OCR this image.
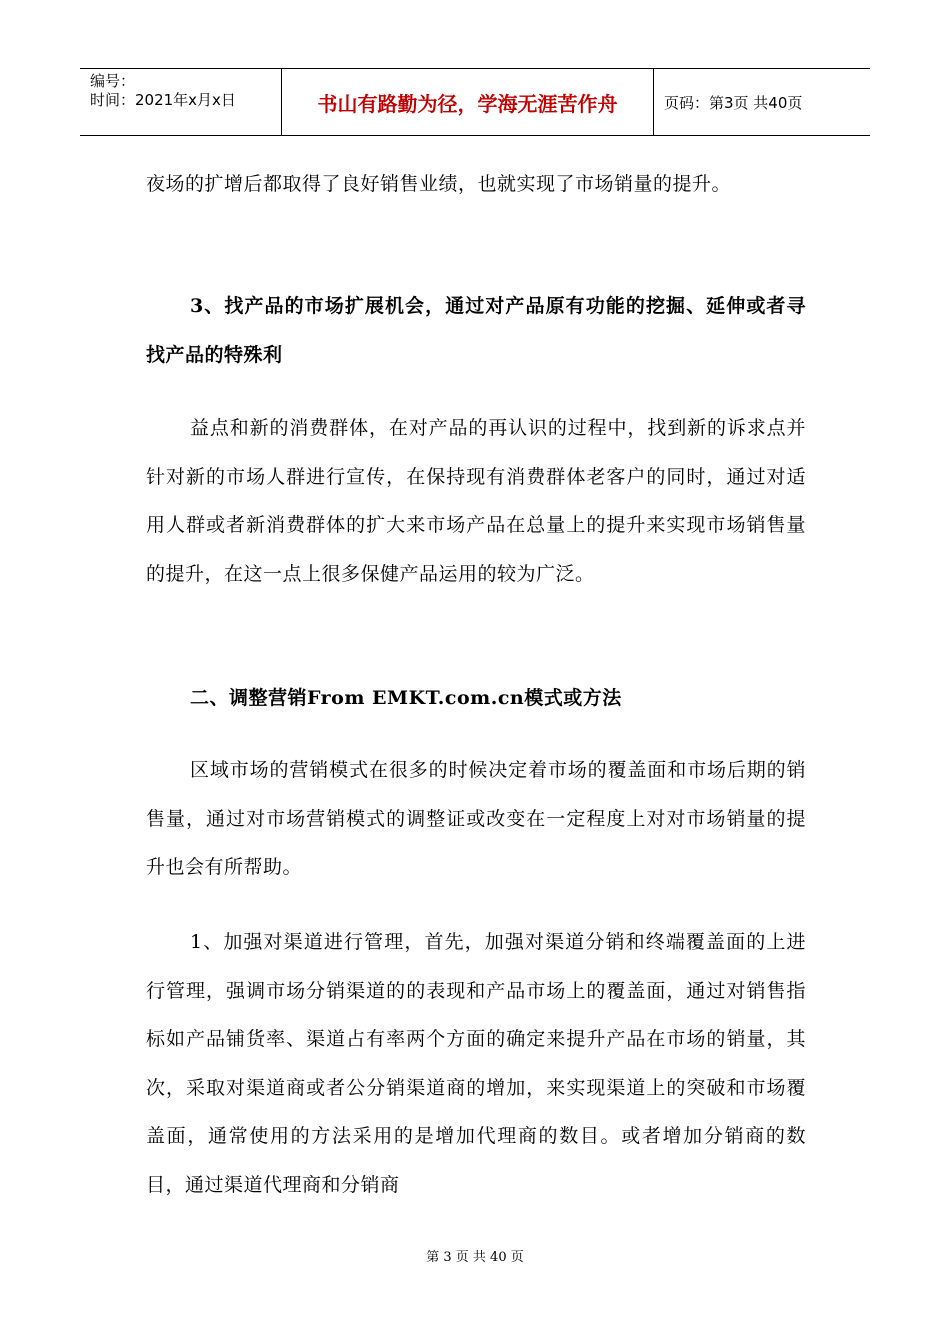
编号：
时间：2021年x月x日	书山有路勤为径，学海无涯苦作舟	页码：第3页 共40页

夜场的扩增后都取得了良好销售业绩，也就实现了市场销量的提升。

3、找产品的市场扩展机会，通过对产品原有功能的挖掘、延伸或者寻找产品的特殊利

益点和新的消费群体，在对产品的再认识的过程中，找到新的诉求点并针对新的市场人群进行宣传，在保持现有消费群体老客户的同时，通过对适用人群或者新消费群体的扩大来市场产品在总量上的提升来实现市场销售量的提升，在这一点上很多保健产品运用的较为广泛。

二、调整营销From EMKT.com.cn模式或方法

区域市场的营销模式在很多的时候决定着市场的覆盖面和市场后期的销售量，通过对市场营销模式的调整证或改变在一定程度上对对市场销量的提升也会有所帮助。

1、加强对渠道进行管理，首先，加强对渠道分销和终端覆盖面的上进行管理，强调市场分销渠道的的表现和产品市场上的覆盖面，通过对销售指标如产品铺货率、渠道占有率两个方面的确定来提升产品在市场的销量，其次，采取对渠道商或者公分销渠道商的增加，来实现渠道上的突破和市场覆盖面，通常使用的方法采用的是增加代理商的数目。或者增加分销商的数目，通过渠道代理商和分销商

第 3 页 共 40 页
